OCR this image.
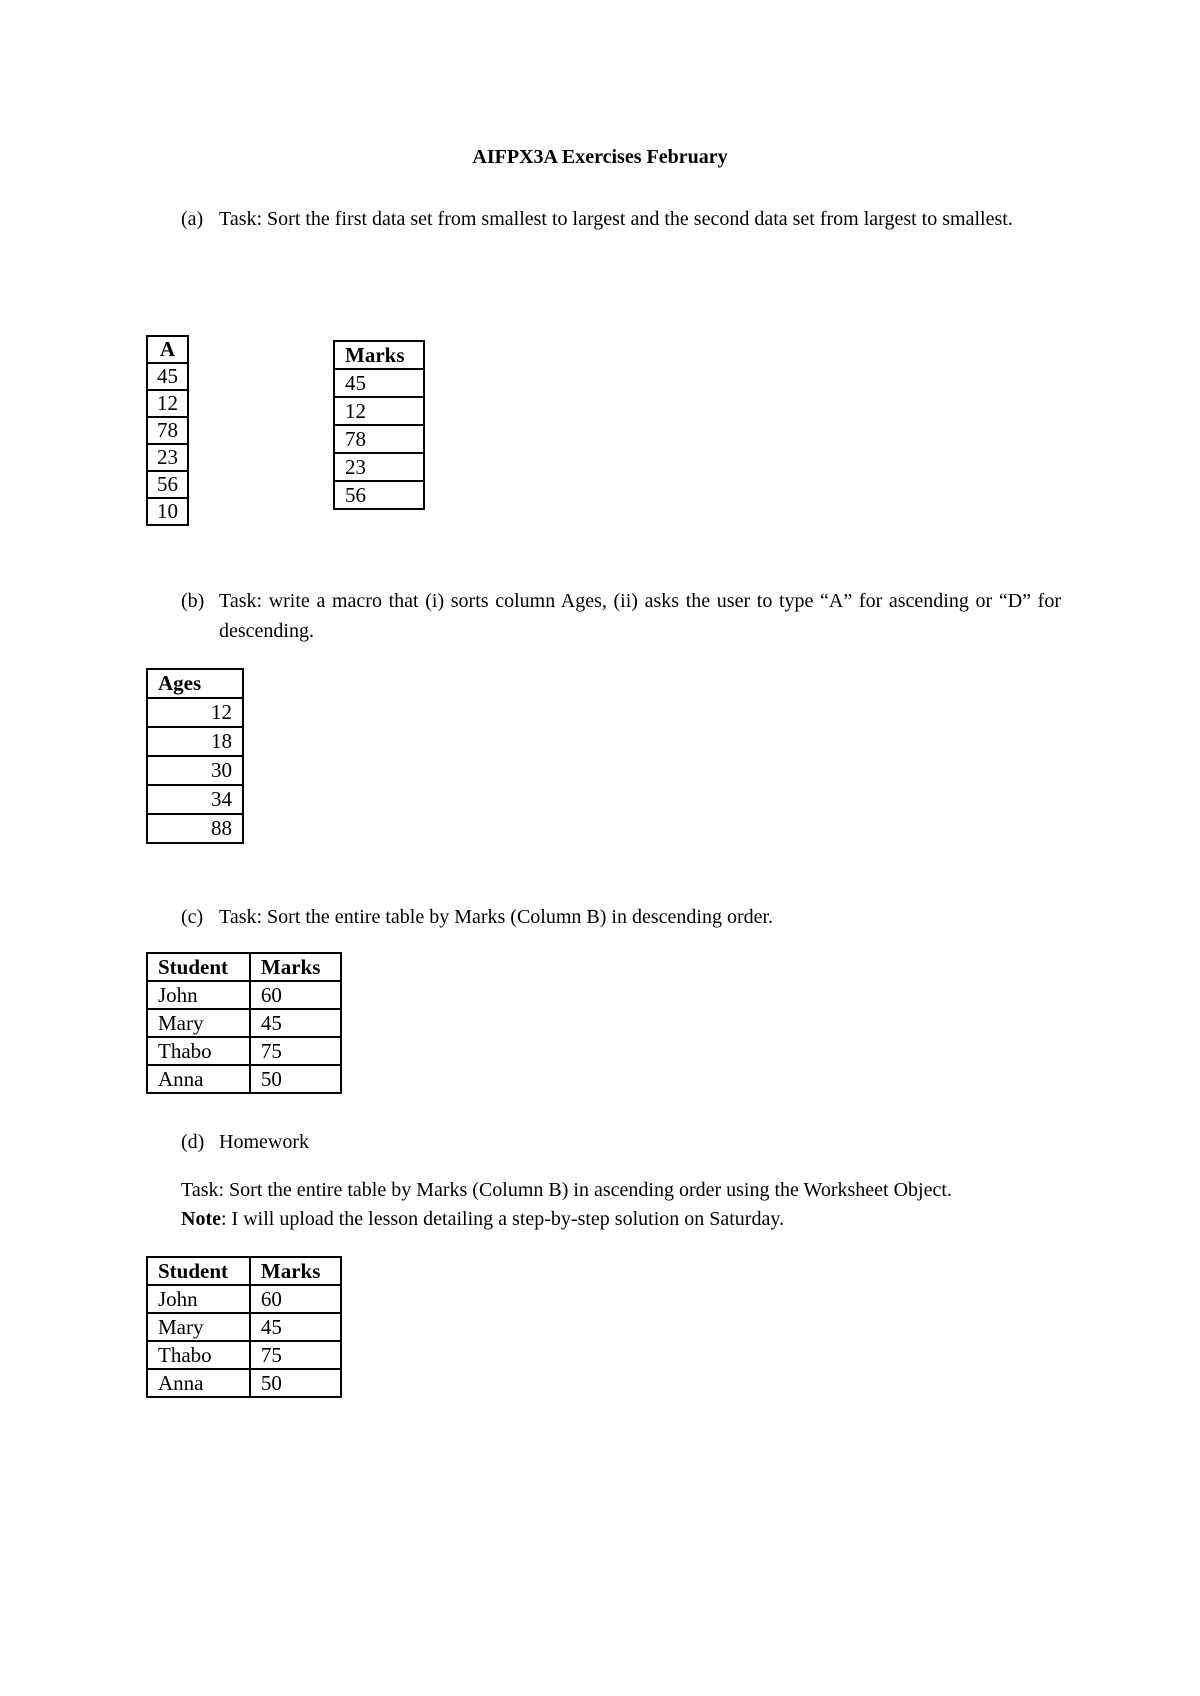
AIFPX3A Exercises February
(a) Task: Sort the first data set from smallest to largest and the second data set from largest to smallest.
A
45
12
78
23
56
10
Marks
45
12
78
23
56
(b) Task: write a macro that (i) sorts column Ages, (ii) asks the user to type “A” for ascending or “D” for descending.
Ages
12
18
30
34
88
(c) Task: Sort the entire table by Marks (Column B) in descending order.
Student	Marks
John	60
Mary	45
Thabo	75
Anna	50
(d) Homework
Task: Sort the entire table by Marks (Column B) in ascending order using the Worksheet Object.
Note: I will upload the lesson detailing a step-by-step solution on Saturday.
Student	Marks
John	60
Mary	45
Thabo	75
Anna	50
